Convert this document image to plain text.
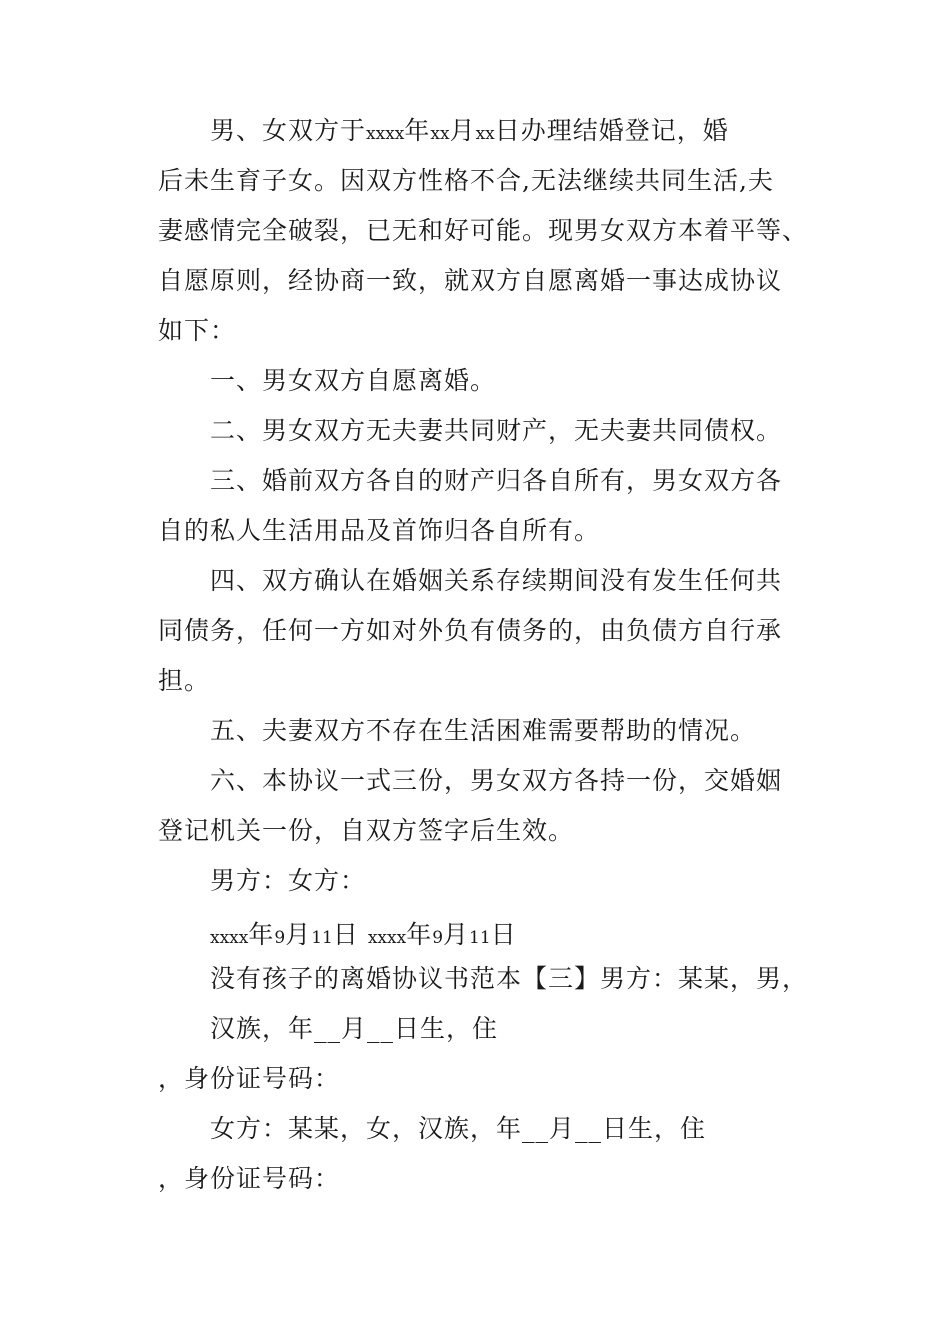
男、女双方于xxxx年xx月xx日办理结婚登记，婚
后未生育子女。因双方性格不合,无法继续共同生活,夫
妻感情完全破裂，已无和好可能。现男女双方本着平等、
自愿原则，经协商一致，就双方自愿离婚一事达成协议
如下：
一、男女双方自愿离婚。
二、男女双方无夫妻共同财产，无夫妻共同债权。
三、婚前双方各自的财产归各自所有，男女双方各
自的私人生活用品及首饰归各自所有。
四、双方确认在婚姻关系存续期间没有发生任何共
同债务，任何一方如对外负有债务的，由负债方自行承
担。
五、夫妻双方不存在生活困难需要帮助的情况。
六、本协议一式三份，男女双方各持一份，交婚姻
登记机关一份，自双方签字后生效。
男方：女方：
xxxx年9月11日 xxxx年9月11日
没有孩子的离婚协议书范本【三】男方：某某，男，
汉族，年__月__日生，住
，身份证号码：
女方：某某，女，汉族，年__月__日生，住
，身份证号码：
